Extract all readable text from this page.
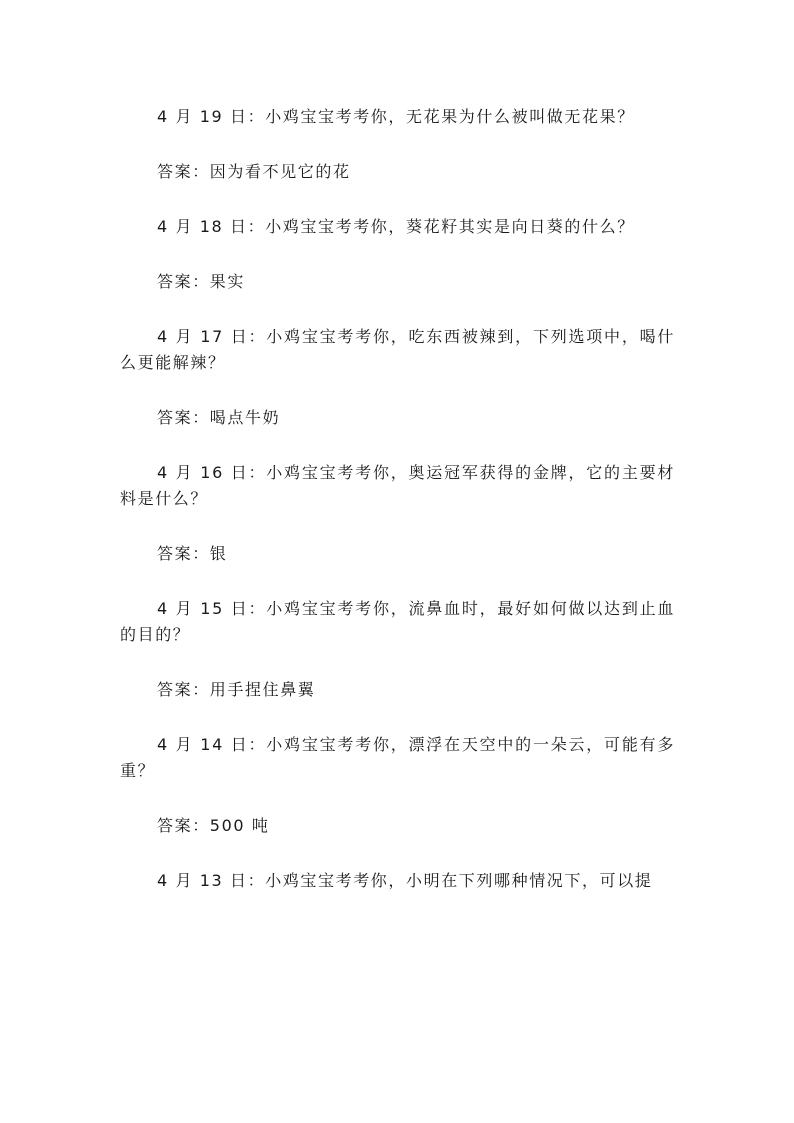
4 月 19 日：小鸡宝宝考考你，无花果为什么被叫做无花果？

答案：因为看不见它的花

4 月 18 日：小鸡宝宝考考你，葵花籽其实是向日葵的什么？

答案：果实

4 月 17 日：小鸡宝宝考考你，吃东西被辣到，下列选项中，喝什么更能解辣？

答案：喝点牛奶

4 月 16 日：小鸡宝宝考考你，奥运冠军获得的金牌，它的主要材料是什么？

答案：银

4 月 15 日：小鸡宝宝考考你，流鼻血时，最好如何做以达到止血的目的？

答案：用手捏住鼻翼

4 月 14 日：小鸡宝宝考考你，漂浮在天空中的一朵云，可能有多重？

答案：500 吨

4 月 13 日：小鸡宝宝考考你，小明在下列哪种情况下，可以提
